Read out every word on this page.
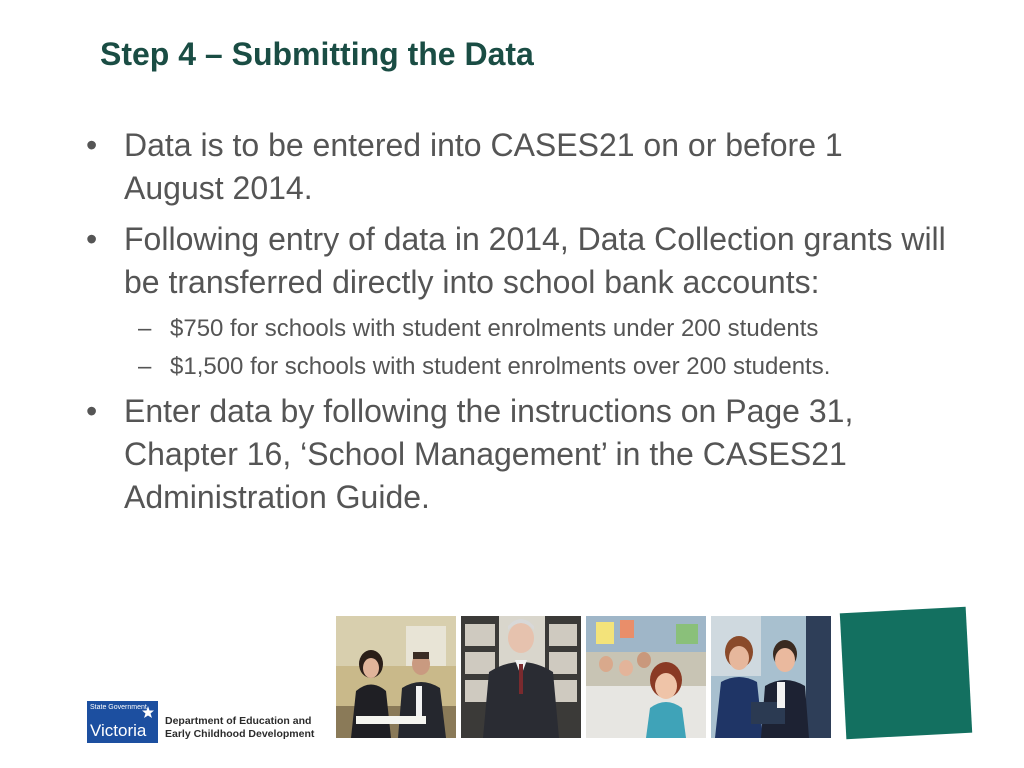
Step 4 – Submitting the Data
• Data is to be entered into CASES21 on or before 1 August 2014.
• Following entry of data in 2014, Data Collection grants will be transferred directly into school bank accounts:
– $750 for schools with student enrolments under 200 students
– $1,500 for schools with student enrolments over 200 students.
• Enter data by following the instructions on Page 31, Chapter 16, ‘School Management’ in the CASES21 Administration Guide.
State Government
Victoria Department of Education and
Early Childhood Development
